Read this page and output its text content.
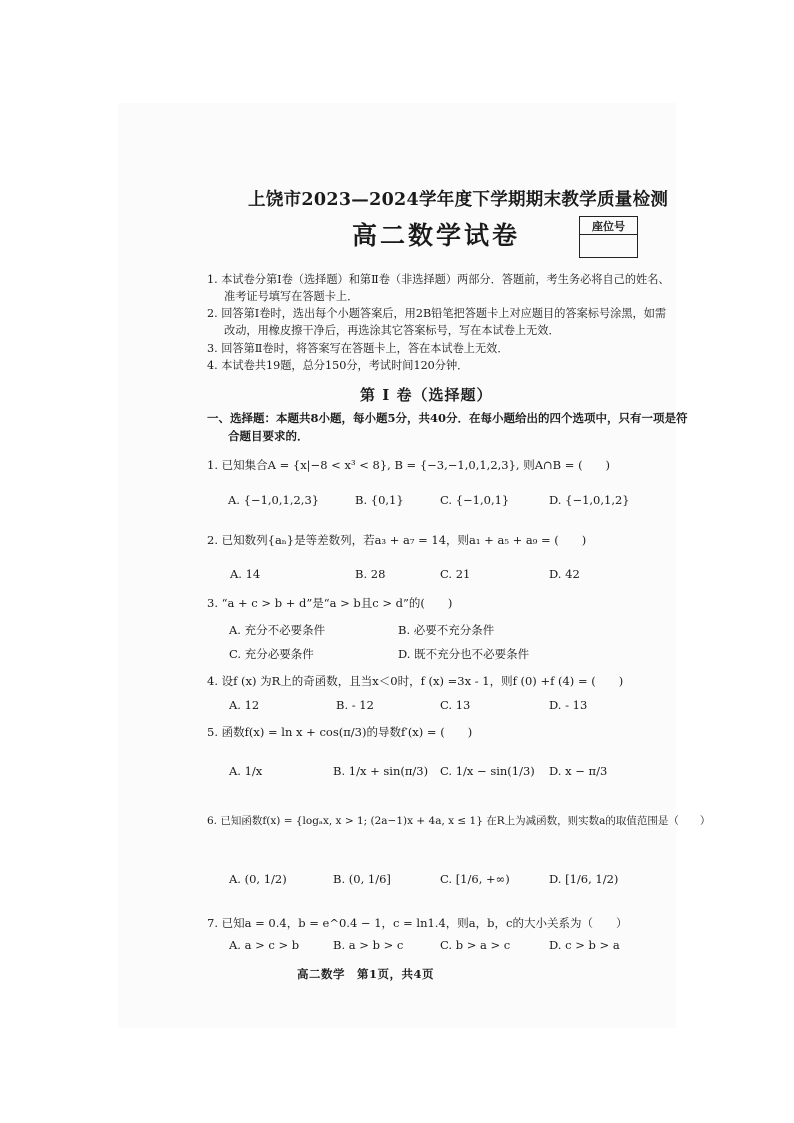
上饶市2023—2024学年度下学期期末教学质量检测
高二数学试卷	座位号
1. 本试卷分第Ⅰ卷（选择题）和第Ⅱ卷（非选择题）两部分．答题前，考生务必将自己的姓名、
准考证号填写在答题卡上．
2. 回答第Ⅰ卷时，选出每个小题答案后，用2B铅笔把答题卡上对应题目的答案标号涂黑，如需
改动，用橡皮擦干净后，再选涂其它答案标号，写在本试卷上无效．
3. 回答第Ⅱ卷时，将答案写在答题卡上，答在本试卷上无效．
4. 本试卷共19题，总分150分，考试时间120分钟．
第 Ⅰ 卷（选择题）
一、选择题：本题共8小题，每小题5分，共40分．在每小题给出的四个选项中，只有一项是符
合题目要求的．
1. 已知集合A = {x|−8 < x³ < 8}, B = {−3,−1,0,1,2,3}, 则A∩B = (　　)
A. {−1,0,1,2,3}	B. {0,1}	C. {−1,0,1}	D. {−1,0,1,2}
2. 已知数列{aₙ}是等差数列，若a₃ + a₇ = 14，则a₁ + a₅ + a₉ = (　　)
A. 14	B. 28	C. 21	D. 42
3. “a + c > b + d”是“a > b且c > d”的(　　)
A. 充分不必要条件	B. 必要不充分条件
C. 充分必要条件	D. 既不充分也不必要条件
4. 设f (x) 为R上的奇函数，且当x＜0时，f (x) =3x - 1，则f (0) +f (4) = (　　)
A. 12	B. - 12	C. 13	D. - 13
5. 函数f(x) = ln x + cos(π/3)的导数f′(x) = (　　)
A. 1/x	B. 1/x + sin(π/3) C. 1/x − sin(1/3) D. x − π/3
6. 已知函数f(x) = {logₐx, x > 1; (2a−1)x + 4a, x ≤ 1} 在R上为减函数，则实数a的取值范围是（　　）
A. (0, 1/2)	B. (0, 1/6]	C. [1/6, +∞)	D. [1/6, 1/2)
7. 已知a = 0.4，b = e^0.4 − 1，c = ln1.4，则a，b，c的大小关系为（　　）
A. a > c > b	B. a > b > c	C. b > a > c	D. c > b > a
高二数学　第1页，共4页
